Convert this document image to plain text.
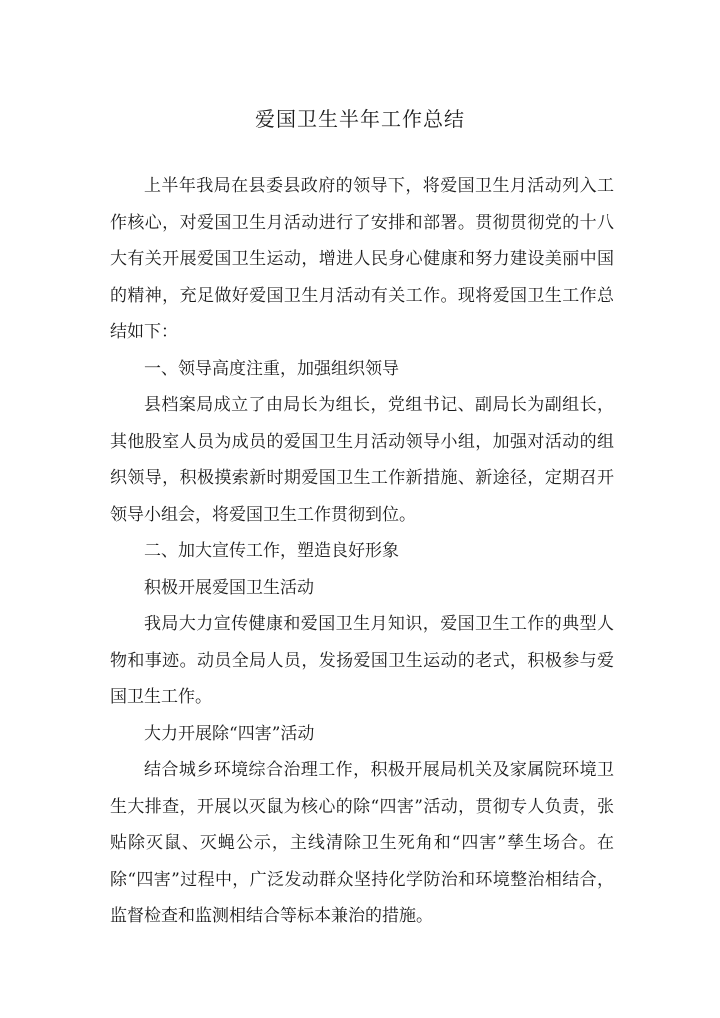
爱国卫生半年工作总结

上半年我局在县委县政府的领导下，将爱国卫生月活动列入工作核心，对爱国卫生月活动进行了安排和部署。贯彻贯彻党的十八大有关开展爱国卫生运动，增进人民身心健康和努力建设美丽中国的精神，充足做好爱国卫生月活动有关工作。现将爱国卫生工作总结如下：

一、领导高度注重，加强组织领导

县档案局成立了由局长为组长，党组书记、副局长为副组长，其他股室人员为成员的爱国卫生月活动领导小组，加强对活动的组织领导，积极摸索新时期爱国卫生工作新措施、新途径，定期召开领导小组会，将爱国卫生工作贯彻到位。

二、加大宣传工作，塑造良好形象

积极开展爱国卫生活动

我局大力宣传健康和爱国卫生月知识，爱国卫生工作的典型人物和事迹。动员全局人员，发扬爱国卫生运动的老式，积极参与爱国卫生工作。

大力开展除“四害”活动

结合城乡环境综合治理工作，积极开展局机关及家属院环境卫生大排查，开展以灭鼠为核心的除“四害”活动，贯彻专人负责，张贴除灭鼠、灭蝇公示，主线清除卫生死角和“四害”孳生场合。在除“四害”过程中，广泛发动群众坚持化学防治和环境整治相结合，监督检查和监测相结合等标本兼治的措施。
